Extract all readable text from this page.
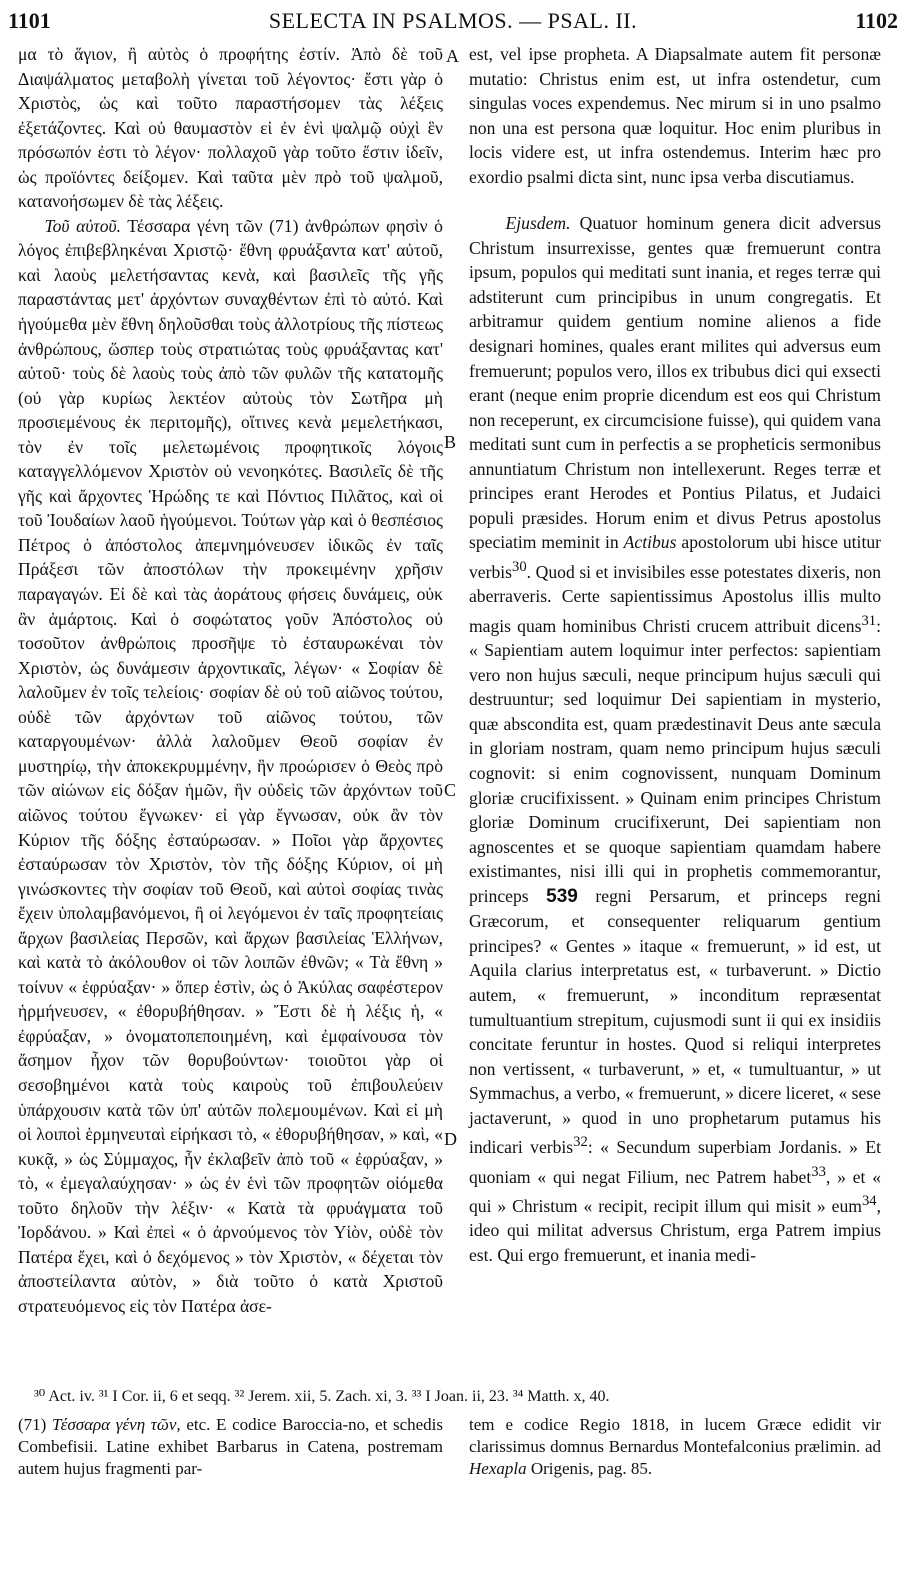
1101	SELECTA IN PSALMOS. — PSAL. II.	1102
A
B
C
D

μα τὸ ἅγιον, ἢ αὐτὸς ὁ προφήτης ἐστίν. Ἀπὸ δὲ τοῦ Διαψάλματος μεταβολὴ γίνεται τοῦ λέγοντος· ἔστι γὰρ ὁ Χριστὸς, ὡς καὶ τοῦτο παραστήσομεν τὰς λέξεις ἐξετάζοντες. Καὶ οὐ θαυμαστὸν εἰ ἐν ἑνὶ ψαλμῷ οὐχὶ ἓν πρόσωπόν ἐστι τὸ λέγον· πολλαχοῦ γὰρ τοῦτο ἔστιν ἰδεῖν, ὡς προϊόντες δείξομεν. Καὶ ταῦτα μὲν πρὸ τοῦ ψαλμοῦ, κατανοήσωμεν δὲ τὰς λέξεις.

Τοῦ αὐτοῦ. Τέσσαρα γένη τῶν (71) ἀνθρώπων φησὶν ὁ λόγος ἐπιβεβληκέναι Χριστῷ· ἔθνη φρυάξαντα κατ' αὐτοῦ, καὶ λαοὺς μελετήσαντας κενὰ, καὶ βασιλεῖς τῆς γῆς παραστάντας μετ' ἀρχόντων συναχθέντων ἐπὶ τὸ αὐτό. Καὶ ἡγούμεθα μὲν ἔθνη δηλοῦσθαι τοὺς ἀλλοτρίους τῆς πίστεως ἀνθρώπους, ὥσπερ τοὺς στρατιώτας τοὺς φρυάξαντας κατ' αὐτοῦ· τοὺς δὲ λαοὺς τοὺς ἀπὸ τῶν φυλῶν τῆς κατατομῆς (οὐ γὰρ κυρίως λεκτέον αὐτοὺς τὸν Σωτῆρα μὴ προσιεμένους ἐκ περιτομῆς), οἵτινες κενὰ μεμελετήκασι, τὸν ἐν τοῖς μελετωμένοις προφητικοῖς λόγοις καταγγελλόμενον Χριστὸν οὐ νενοηκότες. Βασιλεῖς δὲ τῆς γῆς καὶ ἄρχοντες Ἡρώδης τε καὶ Πόντιος Πιλᾶτος, καὶ οἱ τοῦ Ἰουδαίων λαοῦ ἡγούμενοι. Τούτων γὰρ καὶ ὁ θεσπέσιος Πέτρος ὁ ἀπόστολος ἀπεμνημόνευσεν ἰδικῶς ἐν ταῖς Πράξεσι τῶν ἀποστόλων τὴν προκειμένην χρῆσιν παραγαγών. Εἰ δὲ καὶ τὰς ἀοράτους φήσεις δυνάμεις, οὐκ ἂν ἁμάρτοις. Καὶ ὁ σοφώτατος γοῦν Ἀπόστολος οὐ τοσοῦτον ἀνθρώποις προσῆψε τὸ ἐσταυρωκέναι τὸν Χριστὸν, ὡς δυνάμεσιν ἀρχοντικαῖς, λέγων· « Σοφίαν δὲ λαλοῦμεν ἐν τοῖς τελείοις· σοφίαν δὲ οὐ τοῦ αἰῶνος τούτου, οὐδὲ τῶν ἀρχόντων τοῦ αἰῶνος τούτου, τῶν καταργουμένων· ἀλλὰ λαλοῦμεν Θεοῦ σοφίαν ἐν μυστηρίῳ, τὴν ἀποκεκρυμμένην, ἣν προώρισεν ὁ Θεὸς πρὸ τῶν αἰώνων εἰς δόξαν ἡμῶν, ἣν οὐδεὶς τῶν ἀρχόντων τοῦ αἰῶνος τούτου ἔγνωκεν· εἰ γὰρ ἔγνωσαν, οὐκ ἂν τὸν Κύριον τῆς δόξης ἐσταύρωσαν. » Ποῖοι γὰρ ἄρχοντες ἐσταύρωσαν τὸν Χριστὸν, τὸν τῆς δόξης Κύριον, οἱ μὴ γινώσκοντες τὴν σοφίαν τοῦ Θεοῦ, καὶ αὐτοὶ σοφίας τινὰς ἔχειν ὑπολαμβανόμενοι, ἢ οἱ λεγόμενοι ἐν ταῖς προφητείαις ἄρχων βασιλείας Περσῶν, καὶ ἄρχων βασιλείας Ἑλλήνων, καὶ κατὰ τὸ ἀκόλουθον οἱ τῶν λοιπῶν ἐθνῶν; « Τὰ ἔθνη » τοίνυν « ἐφρύαξαν· » ὅπερ ἐστὶν, ὡς ὁ Ἀκύλας σαφέστερον ἡρμήνευσεν, « ἐθορυβήθησαν. » Ἔστι δὲ ἡ λέξις ἡ, « ἐφρύαξαν, » ὀνοματοπεποιημένη, καὶ ἐμφαίνουσα τὸν ἄσημον ἦχον τῶν θορυβούντων· τοιοῦτοι γὰρ οἱ σεσοβημένοι κατὰ τοὺς καιροὺς τοῦ ἐπιβουλεύειν ὑπάρχουσιν κατὰ τῶν ὑπ' αὐτῶν πολεμουμένων. Καὶ εἰ μὴ οἱ λοιποὶ ἑρμηνευταὶ εἰρήκασι τὸ, « ἐθορυβήθησαν, » καὶ, « κυκᾷ, » ὡς Σύμμαχος, ἦν ἐκλαβεῖν ἀπὸ τοῦ « ἐφρύαξαν, » τὸ, « ἐμεγαλαύχησαν· » ὡς ἐν ἑνὶ τῶν προφητῶν οἰόμεθα τοῦτο δηλοῦν τὴν λέξιν· « Κατὰ τὰ φρυάγματα τοῦ Ἰορδάνου. » Καὶ ἐπεὶ « ὁ ἀρνούμενος τὸν Υἱὸν, οὐδὲ τὸν Πατέρα ἔχει, καὶ ὁ δεχόμενος » τὸν Χριστὸν, « δέχεται τὸν ἀποστείλαντα αὐτὸν, » διὰ τοῦτο ὁ κατὰ Χριστοῦ στρατευόμενος εἰς τὸν Πατέρα ἀσε-

est, vel ipse propheta. A Diapsalmate autem fit personæ mutatio: Christus enim est, ut infra ostendetur, cum singulas voces expendemus. Nec mirum si in uno psalmo non una est persona quæ loquitur. Hoc enim pluribus in locis videre est, ut infra ostendemus. Interim hæc pro exordio psalmi dicta sint, nunc ipsa verba discutiamus.

Ejusdem. Quatuor hominum genera dicit adversus Christum insurrexisse, gentes quæ fremuerunt contra ipsum, populos qui meditati sunt inania, et reges terræ qui adstiterunt cum principibus in unum congregatis. Et arbitramur quidem gentium nomine alienos a fide designari homines, quales erant milites qui adversus eum fremuerunt; populos vero, illos ex tribubus dici qui exsecti erant (neque enim proprie dicendum est eos qui Christum non receperunt, ex circumcisione fuisse), qui quidem vana meditati sunt cum in perfectis a se propheticis sermonibus annuntiatum Christum non intellexerunt. Reges terræ et principes erant Herodes et Pontius Pilatus, et Judaici populi præsides. Horum enim et divus Petrus apostolus speciatim meminit in Actibus apostolorum ubi hisce utitur verbis$^{30}$. Quod si et invisibiles esse potestates dixeris, non aberraveris. Certe sapientissimus Apostolus illis multo magis quam hominibus Christi crucem attribuit dicens$^{31}$: « Sapientiam autem loquimur inter perfectos: sapientiam vero non hujus sæculi, neque principum hujus sæculi qui destruuntur; sed loquimur Dei sapientiam in mysterio, quæ abscondita est, quam prædestinavit Deus ante sæcula in gloriam nostram, quam nemo principum hujus sæculi cognovit: si enim cognovissent, nunquam Dominum gloriæ crucifixissent. » Quinam enim principes Christum gloriæ Dominum crucifixerunt, Dei sapientiam non agnoscentes et se quoque sapientiam quamdam habere existimantes, nisi illi qui in prophetis commemorantur, princeps 539 regni Persarum, et princeps regni Græcorum, et consequenter reliquarum gentium principes? « Gentes » itaque « fremuerunt, » id est, ut Aquila clarius interpretatus est, « turbaverunt. » Dictio autem, « fremuerunt, » inconditum repræsentat tumultuantium strepitum, cujusmodi sunt ii qui ex insidiis concitate feruntur in hostes. Quod si reliqui interpretes non vertissent, « turbaverunt, » et, « tumultuantur, » ut Symmachus, a verbo, « fremuerunt, » dicere liceret, « sese jactaverunt, » quod in uno prophetarum putamus his indicari verbis$^{32}$: « Secundum superbiam Jordanis. » Et quoniam « qui negat Filium, nec Patrem habet$^{33}$, » et « qui » Christum « recipit, recipit illum qui misit » eum$^{34}$, ideo qui militat adversus Christum, erga Patrem impius est. Qui ergo fremuerunt, et inania medi-

³⁰ Act. iv. ³¹ I Cor. ii, 6 et seqq. ³² Jerem. xii, 5. Zach. xi, 3. ³³ I Joan. ii, 23. ³⁴ Matth. x, 40.
(71) Τέσσαρα γένη τῶν, etc. E codice Baroccia-no, et schedis Combefisii. Latine exhibet Barbarus in Catena, postremam autem hujus fragmenti par-
tem e codice Regio 1818, in lucem Græce edidit vir clarissimus domnus Bernardus Montefalconius prælimin. ad Hexapla Origenis, pag. 85.
